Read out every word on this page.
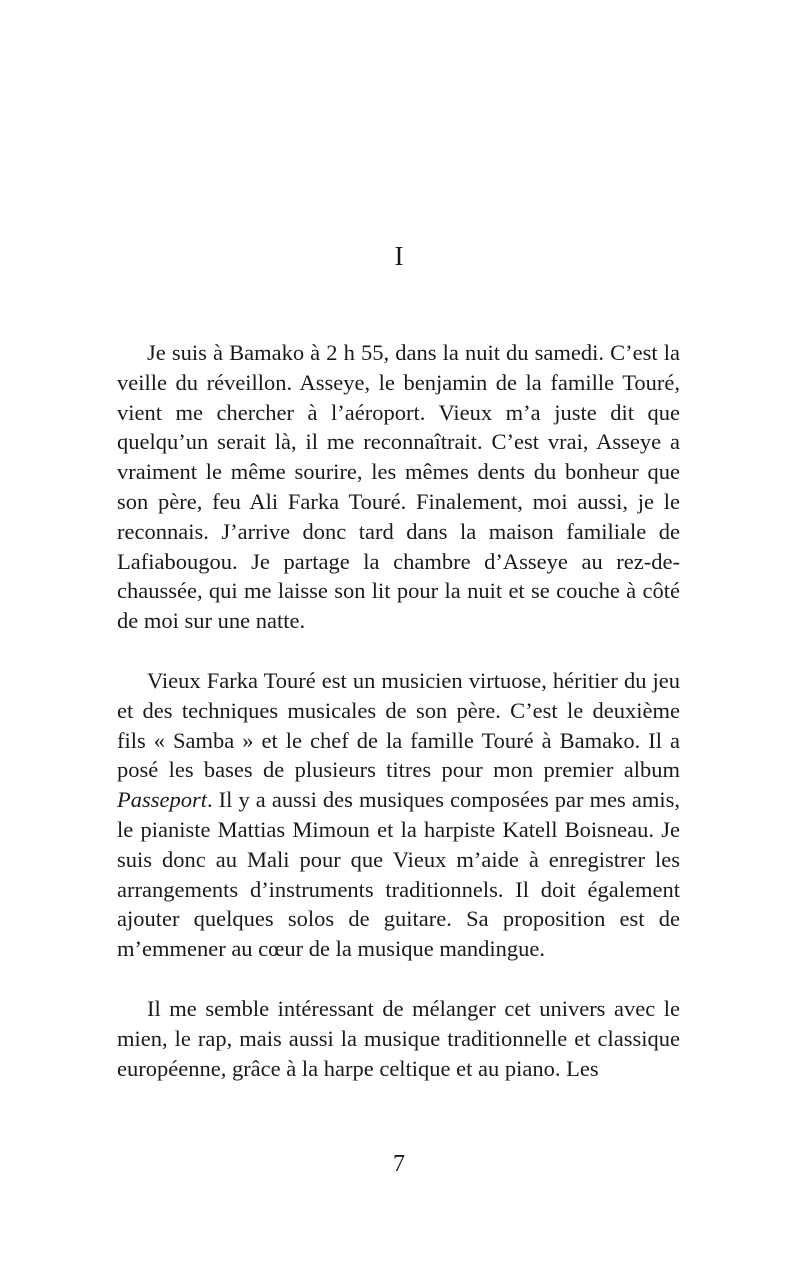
I

Je suis à Bamako à 2 h 55, dans la nuit du samedi. C’est la veille du réveillon. Asseye, le benjamin de la famille Touré, vient me chercher à l’aéroport. Vieux m’a juste dit que quelqu’un serait là, il me reconnaîtrait. C’est vrai, Asseye a vraiment le même sourire, les mêmes dents du bonheur que son père, feu Ali Farka Touré. Finalement, moi aussi, je le reconnais. J’arrive donc tard dans la maison familiale de Lafiabougou. Je partage la chambre d’Asseye au rez-de-chaussée, qui me laisse son lit pour la nuit et se couche à côté de moi sur une natte.

Vieux Farka Touré est un musicien virtuose, héritier du jeu et des techniques musicales de son père. C’est le deuxième fils « Samba » et le chef de la famille Touré à Bamako. Il a posé les bases de plusieurs titres pour mon premier album Passeport. Il y a aussi des musiques composées par mes amis, le pianiste Mattias Mimoun et la harpiste Katell Boisneau. Je suis donc au Mali pour que Vieux m’aide à enregistrer les arrangements d’instruments traditionnels. Il doit également ajouter quelques solos de guitare. Sa proposition est de m’emmener au cœur de la musique mandingue.

Il me semble intéressant de mélanger cet univers avec le mien, le rap, mais aussi la musique traditionnelle et classique européenne, grâce à la harpe celtique et au piano. Les

7
